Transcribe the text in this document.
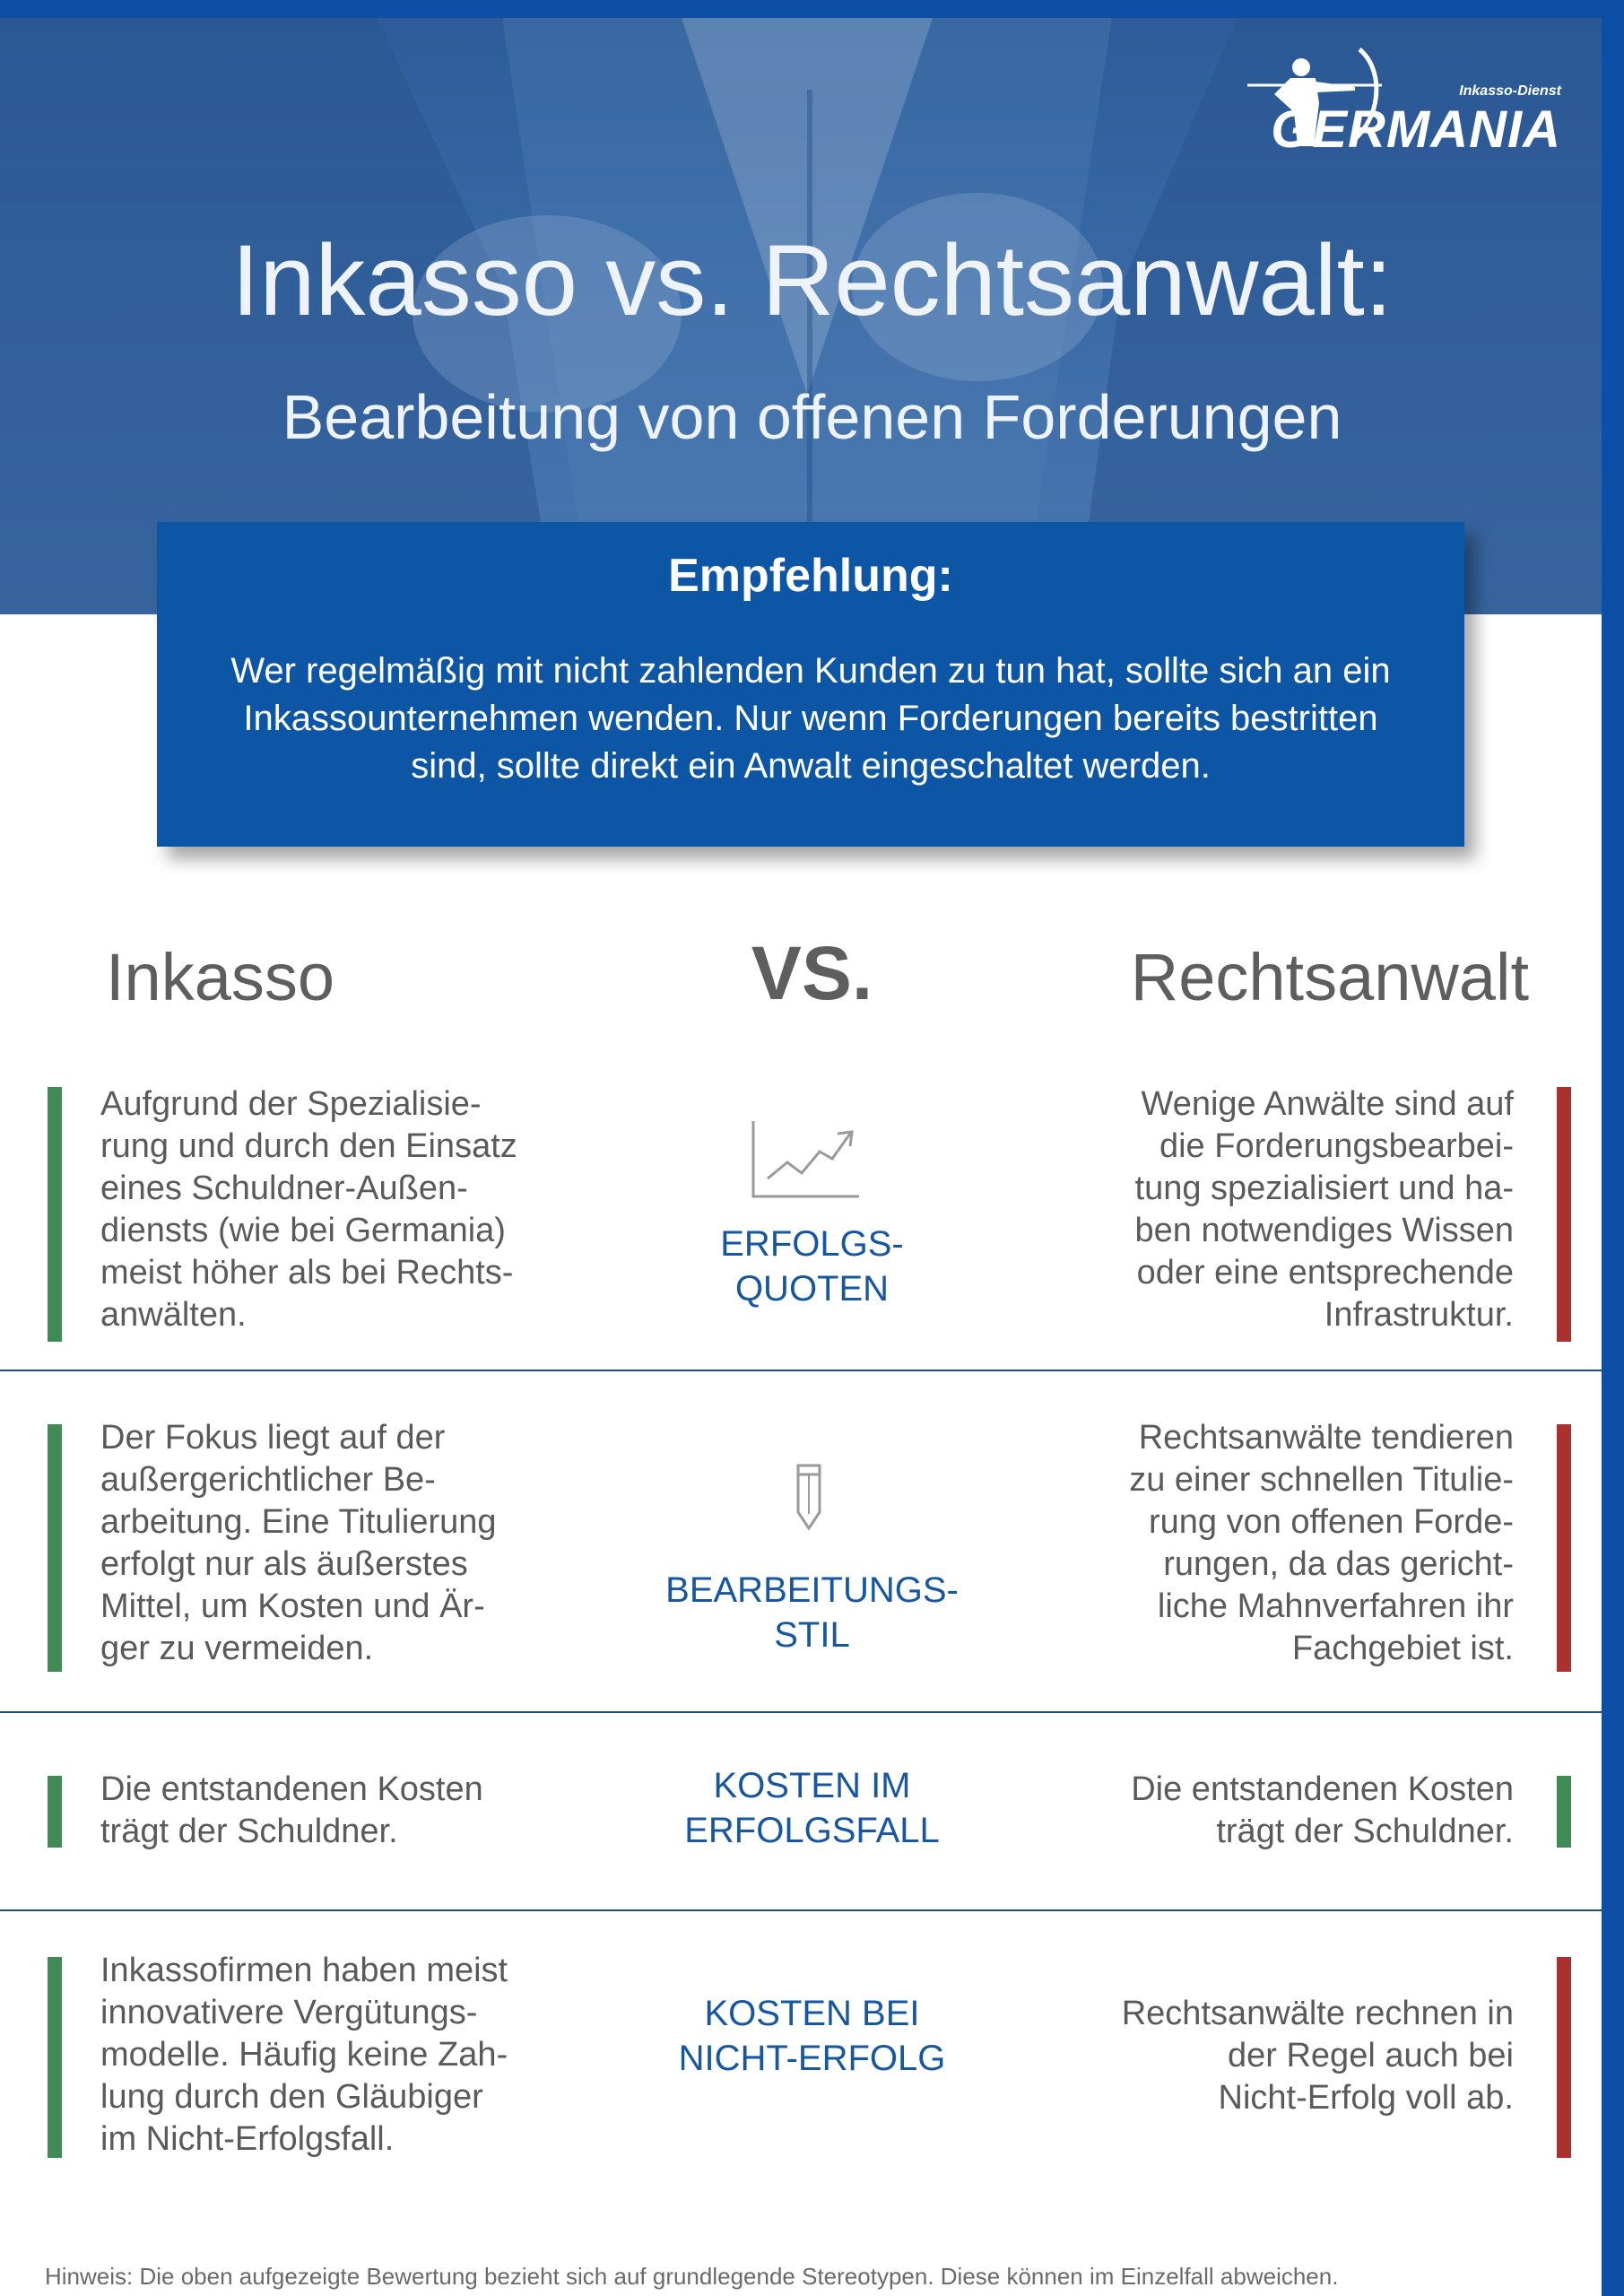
Inkasso-Dienst
GERMANIA
Inkasso vs. Rechtsanwalt:
Bearbeitung von offenen Forderungen
Empfehlung:
Wer regelmäßig mit nicht zahlenden Kunden zu tun hat, sollte sich an ein Inkassounternehmen wenden. Nur wenn Forderungen bereits bestritten sind, sollte direkt ein Anwalt eingeschaltet werden.
Inkasso	VS.	Rechtsanwalt
Aufgrund der Spezialisie-
rung und durch den Einsatz
eines Schuldner-Außen-
diensts (wie bei Germania)
meist höher als bei Rechts-
anwälten.
ERFOLGS-
QUOTEN
Wenige Anwälte sind auf
die Forderungsbearbei-
tung spezialisiert und ha-
ben notwendiges Wissen
oder eine entsprechende
Infrastruktur.
Der Fokus liegt auf der
außergerichtlicher Be-
arbeitung. Eine Titulierung
erfolgt nur als äußerstes
Mittel, um Kosten und Är-
ger zu vermeiden.
BEARBEITUNGS-
STIL
Rechtsanwälte tendieren
zu einer schnellen Titulie-
rung von offenen Forde-
rungen, da das gericht-
liche Mahnverfahren ihr
Fachgebiet ist.
Die entstandenen Kosten
trägt der Schuldner.
KOSTEN IM
ERFOLGSFALL
Die entstandenen Kosten
trägt der Schuldner.
Inkassofirmen haben meist
innovativere Vergütungs-
modelle. Häufig keine Zah-
lung durch den Gläubiger
im Nicht-Erfolgsfall.
KOSTEN BEI
NICHT-ERFOLG
Rechtsanwälte rechnen in
der Regel auch bei
Nicht-Erfolg voll ab.
Hinweis: Die oben aufgezeigte Bewertung bezieht sich auf grundlegende Stereotypen. Diese können im Einzelfall abweichen.
